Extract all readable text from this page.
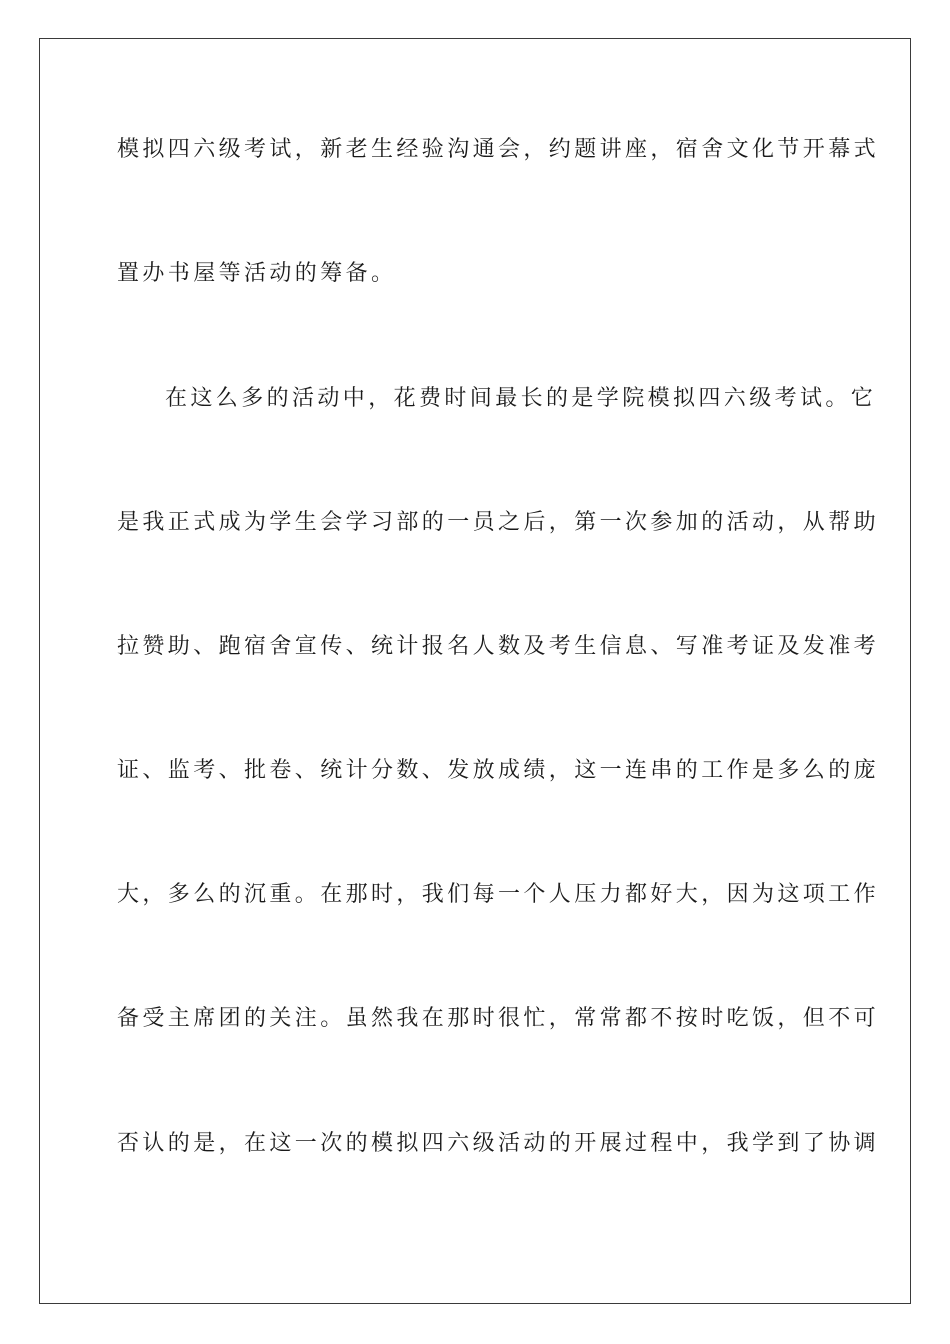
模拟四六级考试，新老生经验沟通会，约题讲座，宿舍文化节开幕式
置办书屋等活动的筹备。
在这么多的活动中，花费时间最长的是学院模拟四六级考试。它
是我正式成为学生会学习部的一员之后，第一次参加的活动，从帮助
拉赞助、跑宿舍宣传、统计报名人数及考生信息、写准考证及发准考
证、监考、批卷、统计分数、发放成绩，这一连串的工作是多么的庞
大，多么的沉重。在那时，我们每一个人压力都好大，因为这项工作
备受主席团的关注。虽然我在那时很忙，常常都不按时吃饭，但不可
否认的是，在这一次的模拟四六级活动的开展过程中，我学到了协调
